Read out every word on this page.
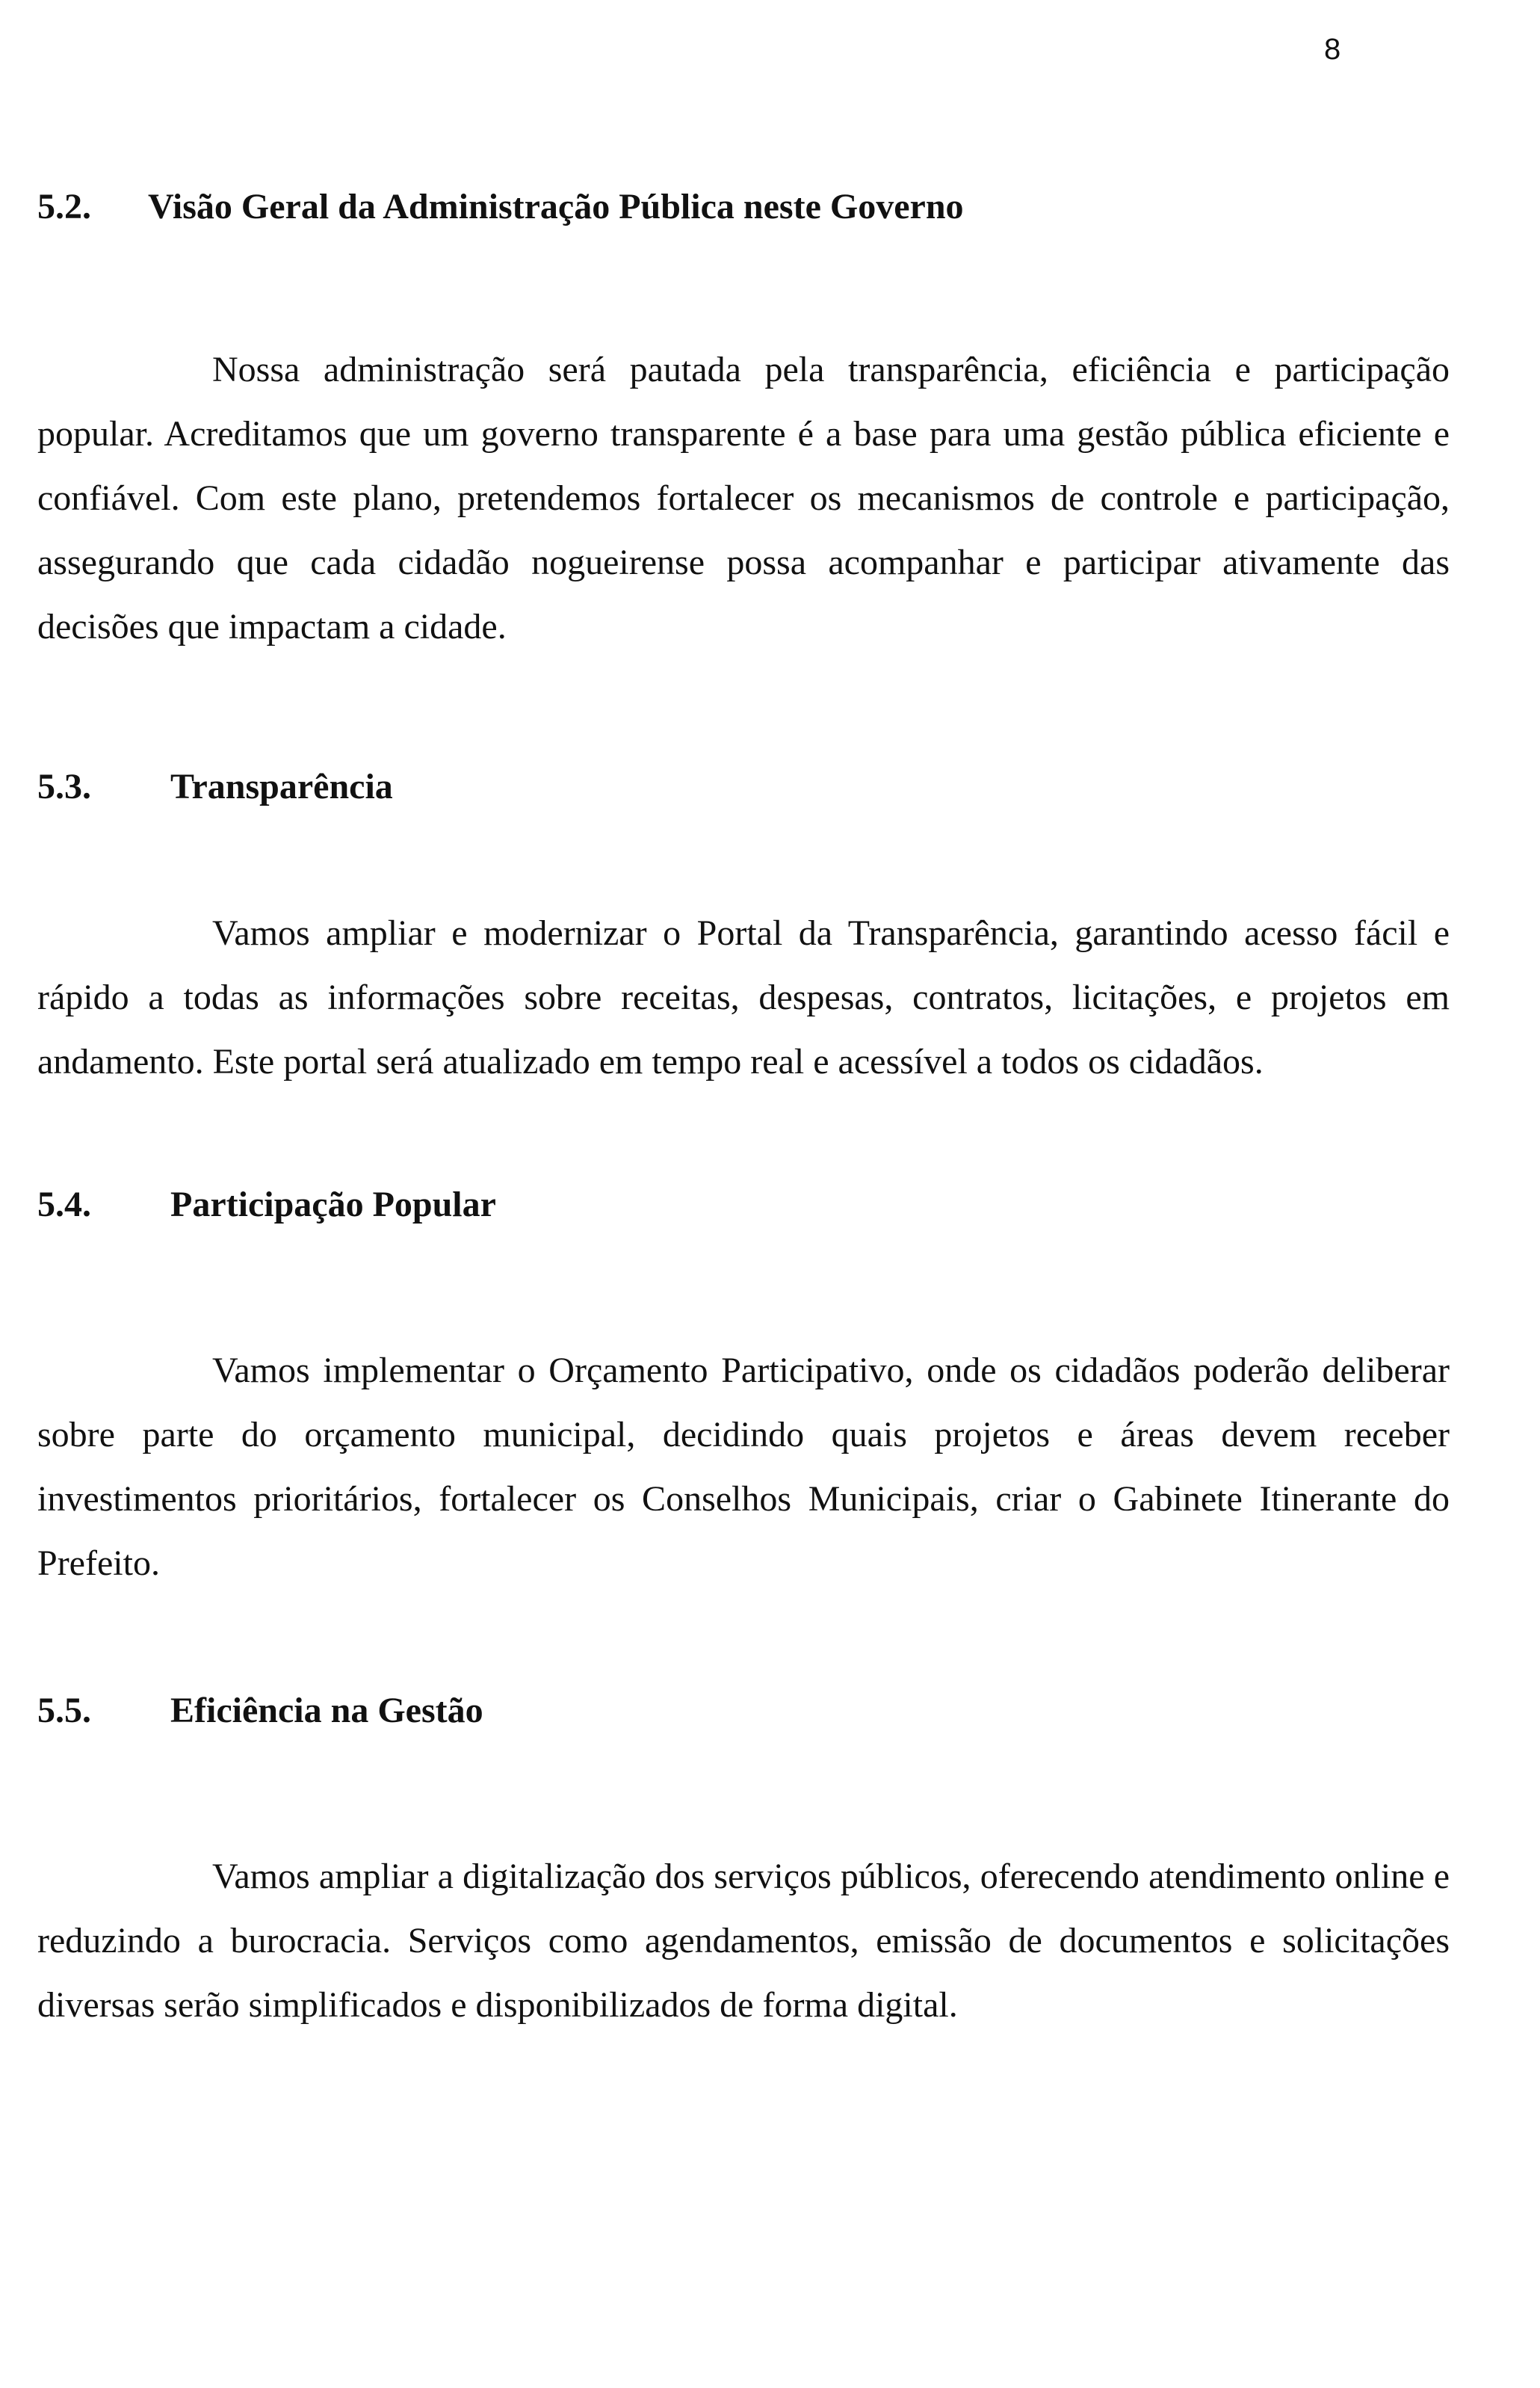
8
5.2. Visão Geral da Administração Pública neste Governo

Nossa administração será pautada pela transparência, eficiência e participação popular. Acreditamos que um governo transparente é a base para uma gestão pública eficiente e confiável. Com este plano, pretendemos fortalecer os mecanismos de controle e participação, assegurando que cada cidadão nogueirense possa acompanhar e participar ativamente das decisões que impactam a cidade.

5.3. Transparência

Vamos ampliar e modernizar o Portal da Transparência, garantindo acesso fácil e rápido a todas as informações sobre receitas, despesas, contratos, licitações, e projetos em andamento. Este portal será atualizado em tempo real e acessível a todos os cidadãos.

5.4. Participação Popular

Vamos implementar o Orçamento Participativo, onde os cidadãos poderão deliberar sobre parte do orçamento municipal, decidindo quais projetos e áreas devem receber investimentos prioritários, fortalecer os Conselhos Municipais, criar o Gabinete Itinerante do Prefeito.

5.5. Eficiência na Gestão

Vamos ampliar a digitalização dos serviços públicos, oferecendo atendimento online e reduzindo a burocracia. Serviços como agendamentos, emissão de documentos e solicitações diversas serão simplificados e disponibilizados de forma digital.
